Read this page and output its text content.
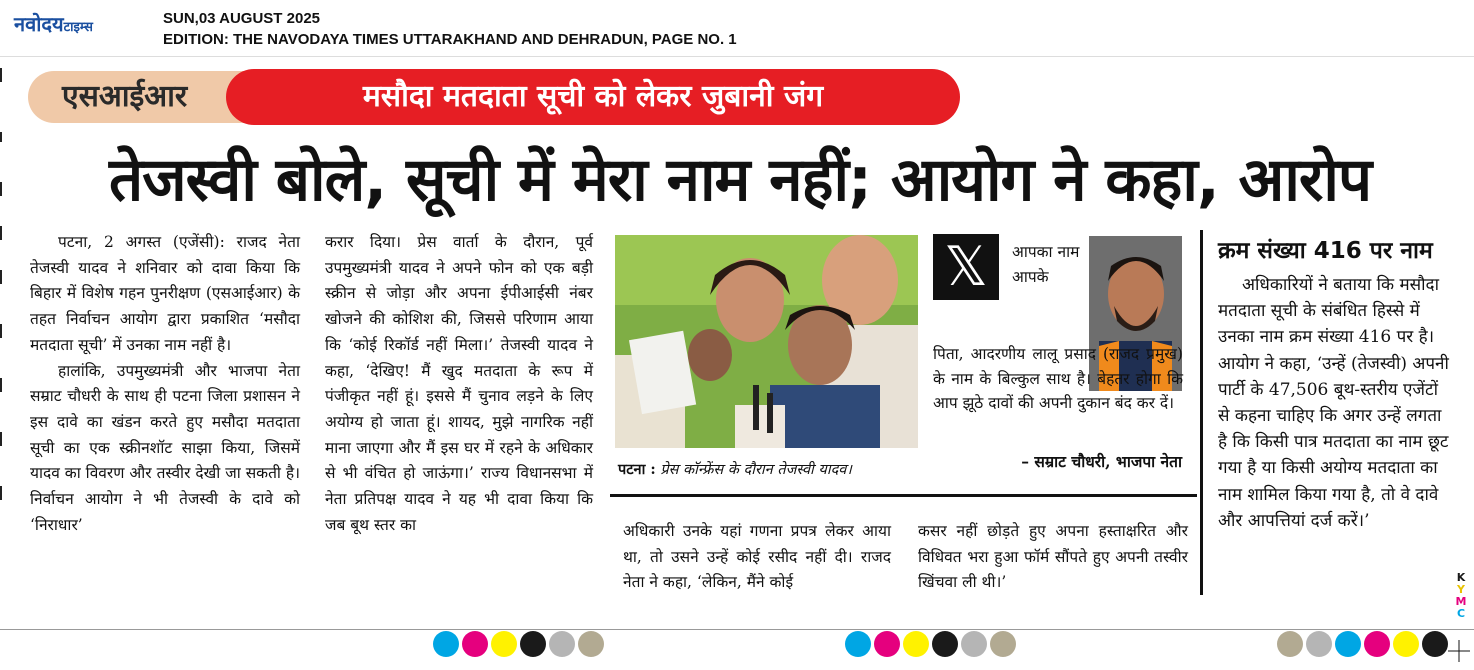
नवोदयटाइम्स
SUN,03 AUGUST 2025
EDITION: THE NAVODAYA TIMES UTTARAKHAND AND DEHRADUN, PAGE NO. 1
एसआईआर	मसौदा मतदाता सूची को लेकर जुबानी जंग
तेजस्वी बोले, सूची में मेरा नाम नहीं; आयोग ने कहा, आरोप

पटना, 2 अगस्त (एजेंसी): राजद नेता तेजस्वी यादव ने शनिवार को दावा किया कि बिहार में विशेष गहन पुनरीक्षण (एसआईआर) के तहत निर्वाचन आयोग द्वारा प्रकाशित ‘मसौदा मतदाता सूची’ में उनका नाम नहीं है।

हालांकि, उपमुख्यमंत्री और भाजपा नेता सम्राट चौधरी के साथ ही पटना जिला प्रशासन ने इस दावे का खंडन करते हुए मसौदा मतदाता सूची का एक स्क्रीनशॉट साझा किया, जिसमें यादव का विवरण और तस्वीर देखी जा सकती है। निर्वाचन आयोग ने भी तेजस्वी के दावे को ‘निराधार’

करार दिया। प्रेस वार्ता के दौरान, पूर्व उपमुख्यमंत्री यादव ने अपने फोन को एक बड़ी स्क्रीन से जोड़ा और अपना ईपीआईसी नंबर खोजने की कोशिश की, जिससे परिणाम आया कि ‘कोई रिकॉर्ड नहीं मिला।’ तेजस्वी यादव ने कहा, ‘देखिए! मैं खुद मतदाता के रूप में पंजीकृत नहीं हूं। इससे मैं चुनाव लड़ने के लिए अयोग्य हो जाता हूं। शायद, मुझे नागरिक नहीं माना जाएगा और मैं इस घर में रहने के अधिकार से भी वंचित हो जाऊंगा।’ राज्य विधानसभा में नेता प्रतिपक्ष यादव ने यह भी दावा किया कि जब बूथ स्तर का

पटना : प्रेस कॉन्फ्रेंस के दौरान तेजस्वी यादव।
𝕏	आपका नाम आपके
पिता, आदरणीय लालू प्रसाद (राजद प्रमुख) के नाम के बिल्कुल साथ है। बेहतर होगा कि आप झूठे दावों की अपनी दुकान बंद कर दें।
– सम्राट चौधरी, भाजपा नेता

अधिकारी उनके यहां गणना प्रपत्र लेकर आया था, तो उसने उन्हें कोई रसीद नहीं दी। राजद नेता ने कहा, ‘लेकिन, मैंने कोई

कसर नहीं छोड़ते हुए अपना हस्ताक्षरित और विधिवत भरा हुआ फॉर्म सौंपते हुए अपनी तस्वीर खिंचवा ली थी।’

क्रम संख्या 416 पर नाम
अधिकारियों ने बताया कि मसौदा मतदाता सूची के संबंधित हिस्से में उनका नाम क्रम संख्या 416 पर है। आयोग ने कहा, ‘उन्हें (तेजस्वी) अपनी पार्टी के 47,506 बूथ-स्तरीय एजेंटों से कहना चाहिए कि अगर उन्हें लगता है कि किसी पात्र मतदाता का नाम छूट गया है या किसी अयोग्य मतदाता का नाम शामिल किया गया है, तो वे दावे और आपत्तियां दर्ज करें।’
K
Y
M
C
